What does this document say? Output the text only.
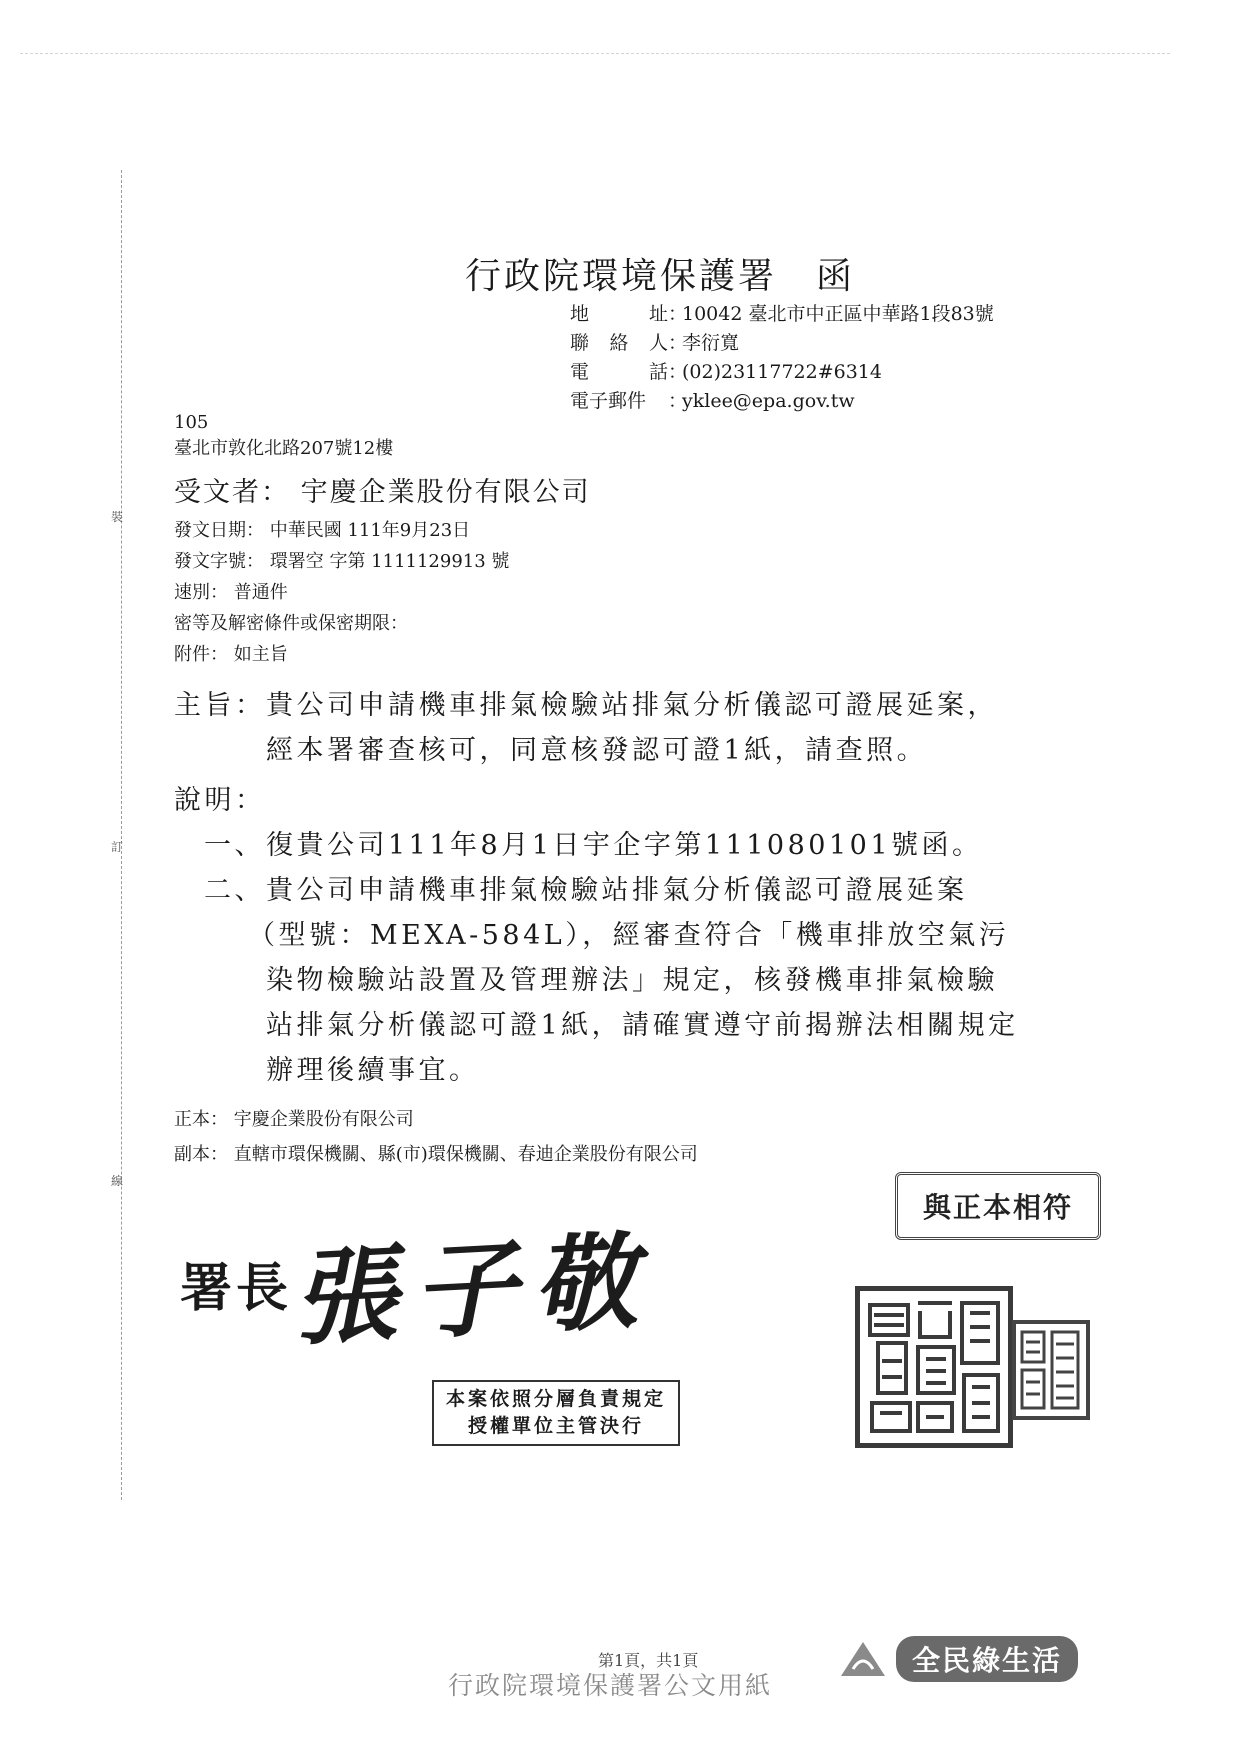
裝
訂
線
行政院環境保護署　函
地	址 ：
10042 臺北市中正區中華路1段83號
聯 絡 人 ：
李衍寬
電	話 ：
(02)23117722#6314
電子郵件	：
yklee@epa.gov.tw
105
臺北市敦化北路207號12樓
受文者： 宇慶企業股份有限公司
發文日期： 中華民國 111年9月23日
發文字號： 環署空 字第 1111129913 號
速別： 普通件
密等及解密條件或保密期限：
附件： 如主旨
主旨： 貴公司申請機車排氣檢驗站排氣分析儀認可證展延案，
經本署審查核可，同意核發認可證1紙，請查照。
說明：
一、 復貴公司111年8月1日宇企字第111080101號函。
二、 貴公司申請機車排氣檢驗站排氣分析儀認可證展延案
（型號：MEXA-584L），經審查符合「機車排放空氣污
染物檢驗站設置及管理辦法」規定，核發機車排氣檢驗
站排氣分析儀認可證1紙，請確實遵守前揭辦法相關規定
辦理後續事宜。
正本： 宇慶企業股份有限公司
副本： 直轄市環保機關、縣(市)環保機關、春迪企業股份有限公司
與正本相符
署長
張子敬
本案依照分層負責規定
授權單位主管決行
第1頁，共1頁
行政院環境保護署公文用紙
全民綠生活
